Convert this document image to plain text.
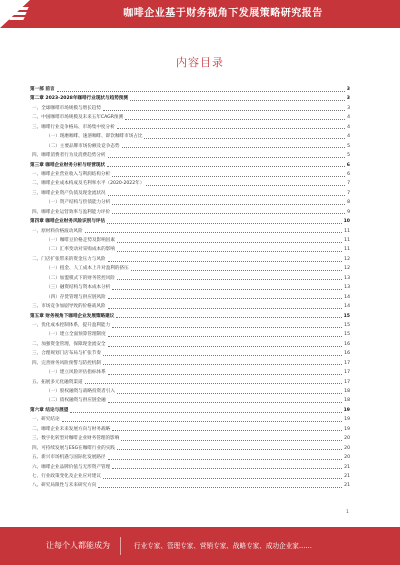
咖啡企业基于财务视角下发展策略研究报告
内容目录
第一部 前言	3
第二章 2023-2028年咖啡行业现状与趋势预测	3
一、全球咖啡市场规模与增长趋势	3
二、中国咖啡市场规模及未来五年CAGR预测	4
三、咖啡行业竞争格局、市场集中度分析	4
（一）现磨咖啡、速溶咖啡、即饮咖啡市场占比	4
（二）主要品牌市场份额及竞争态势	5
四、咖啡消费者行为及消费趋势分析	5
第三章 咖啡企业财务分析与经营现状	6
一、咖啡企业营业收入与利润结构分析	6
二、咖啡企业成本构成及毛利率水平（2020-2022年）	7
三、咖啡企业资产负债及现金流状况	7
（一）资产结构与偿债能力分析	8
四、咖啡企业运营效率与盈利能力评价	9
第四章 咖啡企业财务风险识别与评估	10
一、原材料价格波动风险	11
（一）咖啡豆价格走势及影响因素	11
（二）汇率变动对采购成本的影响	11
二、门店扩张带来的资金压力与风险	12
（一）租金、人工成本上升对盈利的挤压	12
（二）加盟模式下的财务管控风险	13
（三）融资结构与资本成本分析	13
（四）存货管理与供应链风险	14
三、市场竞争加剧导致的价格战风险	14
第五章 财务视角下咖啡企业发展策略建议	15
一、优化成本控制体系，提升盈利能力	15
（一）建立全面预算管理制度	15
二、加强资金管理，保障现金流安全	16
三、合理规划门店布局与扩张节奏	16
四、完善财务风险预警与防控机制	17
（一）建立风险评估指标体系	17
五、拓展多元化融资渠道	17
（一）股权融资与战略投资者引入	18
（二）债权融资与供应链金融	18
第六章 结论与展望	19
一、研究结论	19
二、咖啡企业未来发展方向与财务战略	19
三、数字化转型对咖啡企业财务管理的影响	20
四、可持续发展与ESG在咖啡行业的实践	20
五、新兴市场机遇与国际化发展路径	20
六、咖啡企业品牌价值与无形资产管理	21
七、行业政策变化及企业应对建议	21
八、研究局限性与未来研究方向	21
1
让每个人都能成为	行业专家、管理专家、营销专家、战略专家、成功企业家……
